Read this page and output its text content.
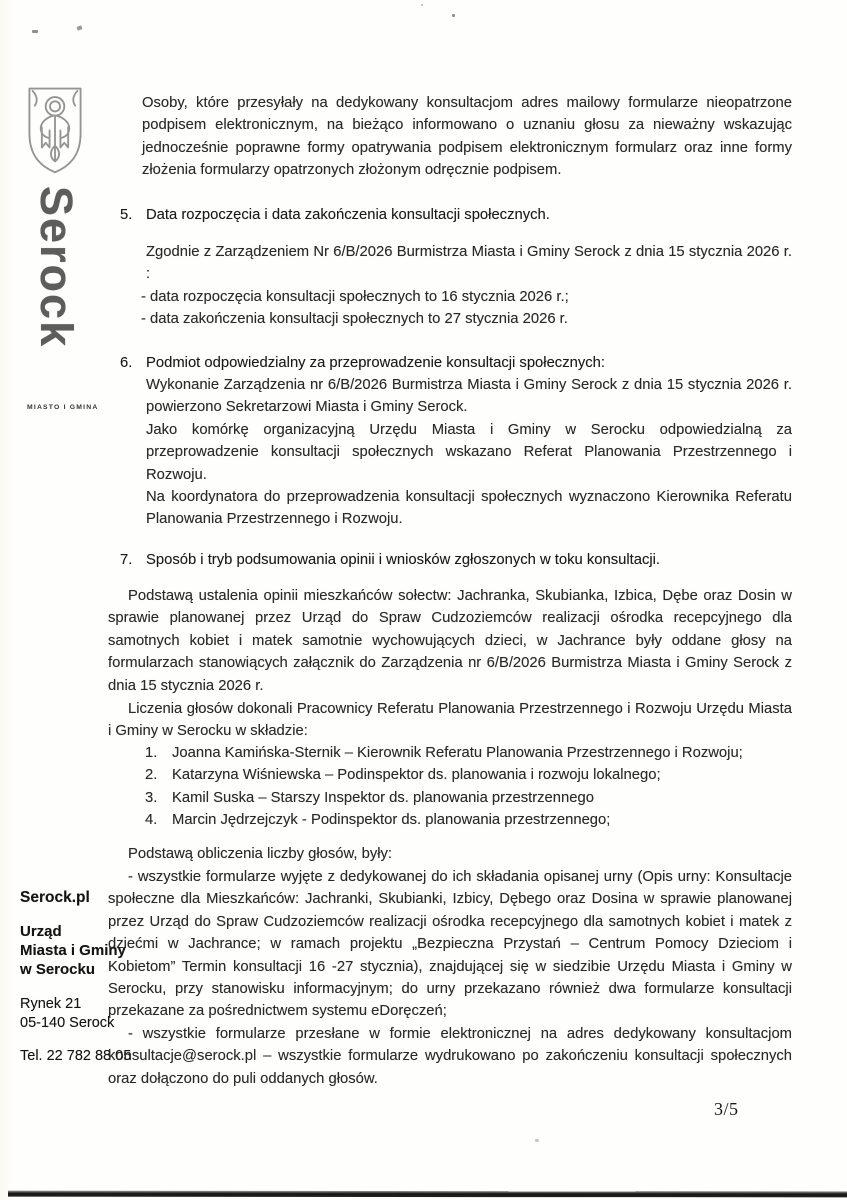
Serock
MIASTO I GMINA
Serock.pl
Urząd
Miasta i Gminy
w Serocku
Rynek 21
05-140 Serock
Tel. 22 782 88 05
Osoby, które przesyłały na dedykowany konsultacjom adres mailowy formularze nieopatrzone podpisem elektronicznym, na bieżąco informowano o uznaniu głosu za nieważny wskazując jednocześnie poprawne formy opatrywania podpisem elektronicznym formularz oraz inne formy złożenia formularzy opatrzonych złożonym odręcznie podpisem.
5. Data rozpoczęcia i data zakończenia konsultacji społecznych.
Zgodnie z Zarządzeniem Nr 6/B/2026 Burmistrza Miasta i Gminy Serock z dnia 15 stycznia 2026 r. :
- data rozpoczęcia konsultacji społecznych to 16 stycznia 2026 r.;
- data zakończenia konsultacji społecznych to 27 stycznia 2026 r.
6. Podmiot odpowiedzialny za przeprowadzenie konsultacji społecznych:
Wykonanie Zarządzenia nr 6/B/2026 Burmistrza Miasta i Gminy Serock z dnia 15 stycznia 2026 r. powierzono Sekretarzowi Miasta i Gminy Serock.
Jako komórkę organizacyjną Urzędu Miasta i Gminy w Serocku odpowiedzialną za przeprowadzenie konsultacji społecznych wskazano Referat Planowania Przestrzennego i Rozwoju.
Na koordynatora do przeprowadzenia konsultacji społecznych wyznaczono Kierownika Referatu Planowania Przestrzennego i Rozwoju.
7. Sposób i tryb podsumowania opinii i wniosków zgłoszonych w toku konsultacji.
Podstawą ustalenia opinii mieszkańców sołectw: Jachranka, Skubianka, Izbica, Dębe oraz Dosin w sprawie planowanej przez Urząd do Spraw Cudzoziemców realizacji ośrodka recepcyjnego dla samotnych kobiet i matek samotnie wychowujących dzieci, w Jachrance były oddane głosy na formularzach stanowiących załącznik do Zarządzenia nr 6/B/2026 Burmistrza Miasta i Gminy Serock z dnia 15 stycznia 2026 r.
Liczenia głosów dokonali Pracownicy Referatu Planowania Przestrzennego i Rozwoju Urzędu Miasta i Gminy w Serocku w składzie:
1. Joanna Kamińska-Sternik – Kierownik Referatu Planowania Przestrzennego i Rozwoju;
2. Katarzyna Wiśniewska – Podinspektor ds. planowania i rozwoju lokalnego;
3. Kamil Suska – Starszy Inspektor ds. planowania przestrzennego
4. Marcin Jędrzejczyk - Podinspektor ds. planowania przestrzennego;
Podstawą obliczenia liczby głosów, były:
- wszystkie formularze wyjęte z dedykowanej do ich składania opisanej urny (Opis urny: Konsultacje społeczne dla Mieszkańców: Jachranki, Skubianki, Izbicy, Dębego oraz Dosina w sprawie planowanej przez Urząd do Spraw Cudzoziemców realizacji ośrodka recepcyjnego dla samotnych kobiet i matek z dziećmi w Jachrance; w ramach projektu „Bezpieczna Przystań – Centrum Pomocy Dzieciom i Kobietom” Termin konsultacji 16 -27 stycznia), znajdującej się w siedzibie Urzędu Miasta i Gminy w Serocku, przy stanowisku informacyjnym; do urny przekazano również dwa formularze konsultacji przekazane za pośrednictwem systemu eDoręczeń;
- wszystkie formularze przesłane w formie elektronicznej na adres dedykowany konsultacjom konsultacje@serock.pl – wszystkie formularze wydrukowano po zakończeniu konsultacji społecznych oraz dołączono do puli oddanych głosów.
3/5
